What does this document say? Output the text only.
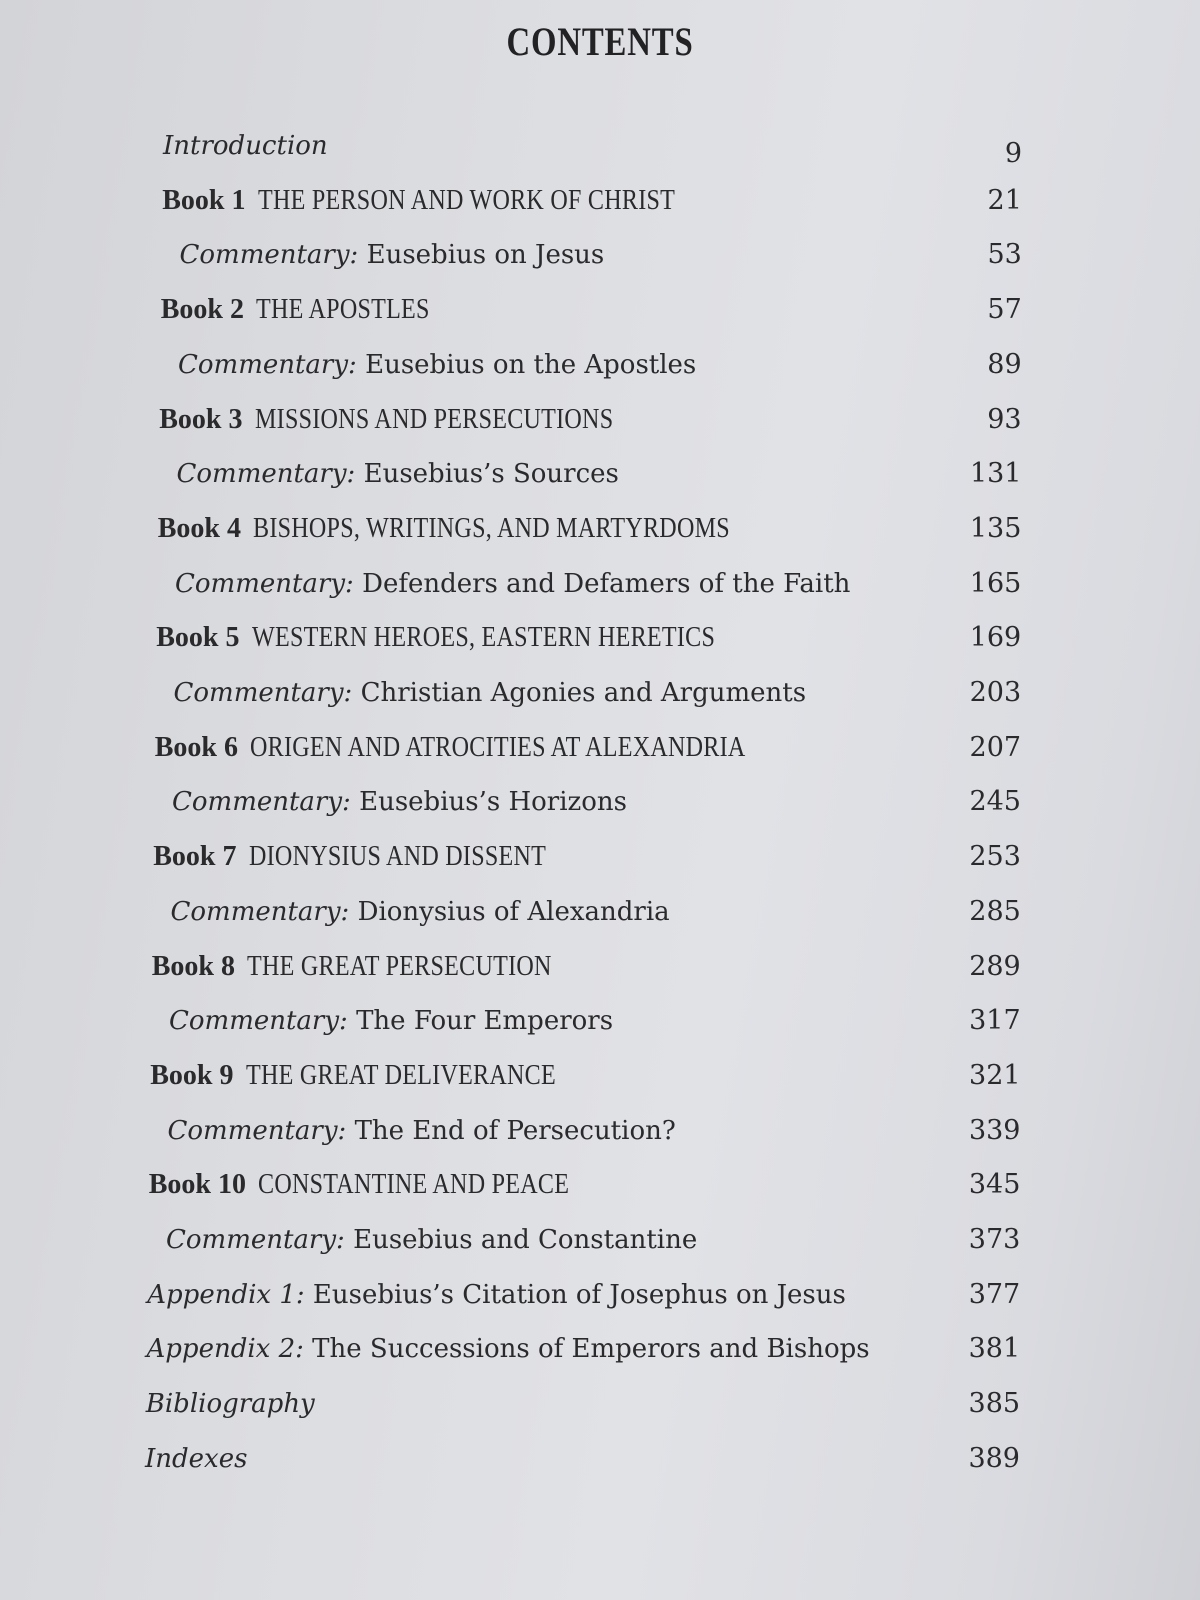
CONTENTS
Introduction	9
Book 1 THE PERSON AND WORK OF CHRIST	21
Commentary: Eusebius on Jesus	53
Book 2 THE APOSTLES	57
Commentary: Eusebius on the Apostles	89
Book 3 MISSIONS AND PERSECUTIONS	93
Commentary: Eusebius’s Sources	131
Book 4 BISHOPS, WRITINGS, AND MARTYRDOMS	135
Commentary: Defenders and Defamers of the Faith	165
Book 5 WESTERN HEROES, EASTERN HERETICS	169
Commentary: Christian Agonies and Arguments	203
Book 6 ORIGEN AND ATROCITIES AT ALEXANDRIA	207
Commentary: Eusebius’s Horizons	245
Book 7 DIONYSIUS AND DISSENT	253
Commentary: Dionysius of Alexandria	285
Book 8 THE GREAT PERSECUTION	289
Commentary: The Four Emperors	317
Book 9 THE GREAT DELIVERANCE	321
Commentary: The End of Persecution?	339
Book 10 CONSTANTINE AND PEACE	345
Commentary: Eusebius and Constantine	373
Appendix 1: Eusebius’s Citation of Josephus on Jesus	377
Appendix 2: The Successions of Emperors and Bishops	381
Bibliography	385
Indexes	389
